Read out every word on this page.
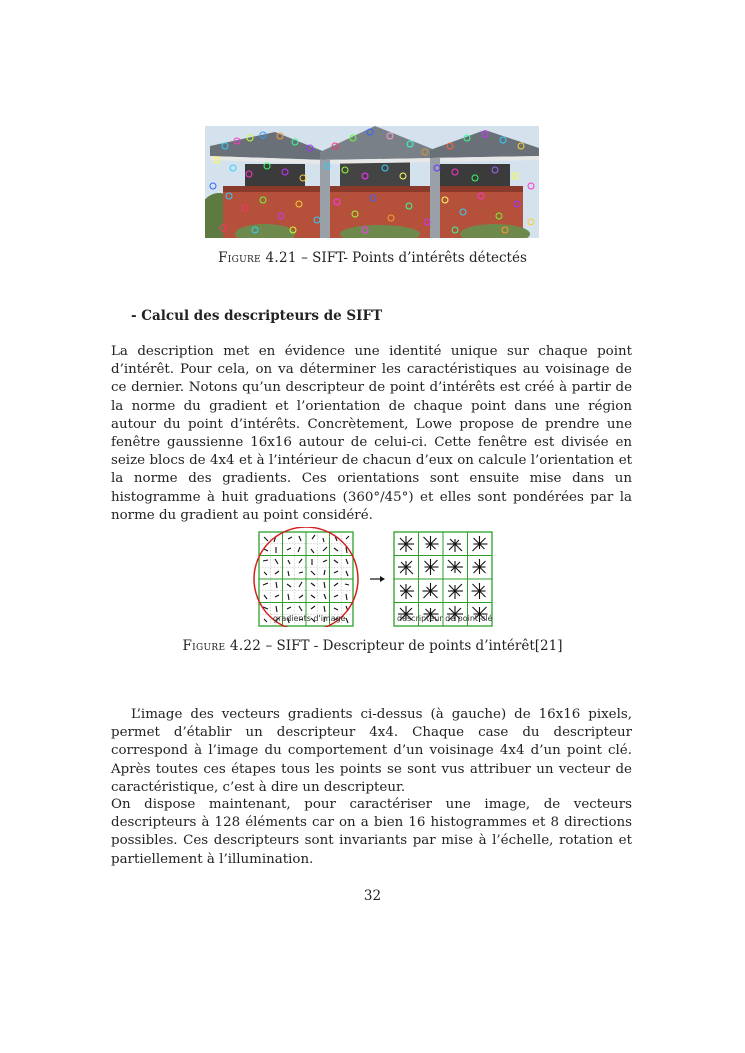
Figure 4.21 – SIFT- Points d’intérêts détectés
- Calcul des descripteurs de SIFT

La description met en évidence une identité unique sur chaque point d’intérêt. Pour cela, on va déterminer les caractéristiques au voisinage de ce dernier. Notons qu’un descripteur de point d’intérêts est créé à partir de la norme du gradient et l’orientation de chaque point dans une région autour du point d’intérêts. Concrètement, Lowe propose de prendre une fenêtre gaussienne 16x16 autour de celui-ci. Cette fenêtre est divisée en seize blocs de 4x4 et à l’intérieur de chacun d’eux on calcule l’orientation et la norme des gradients. Ces orientations sont ensuite mise dans un histogramme à huit graduations (360°/45°) et elles sont pondérées par la norme du gradient au point considéré.

gradients d'image	descripteur de point-clé
Figure 4.22 – SIFT - Descripteur de points d’intérêt[21]

L’image des vecteurs gradients ci-dessus (à gauche) de 16x16 pixels, permet d’établir un descripteur 4x4. Chaque case du descripteur correspond à l’image du comportement d’un voisinage 4x4 d’un point clé. Après toutes ces étapes tous les points se sont vus attribuer un vecteur de caractéristique, c’est à dire un descripteur.

On dispose maintenant, pour caractériser une image, de vecteurs descripteurs à 128 éléments car on a bien 16 histogrammes et 8 directions possibles. Ces descripteurs sont invariants par mise à l’échelle, rotation et partiellement à l’illumination.

32
